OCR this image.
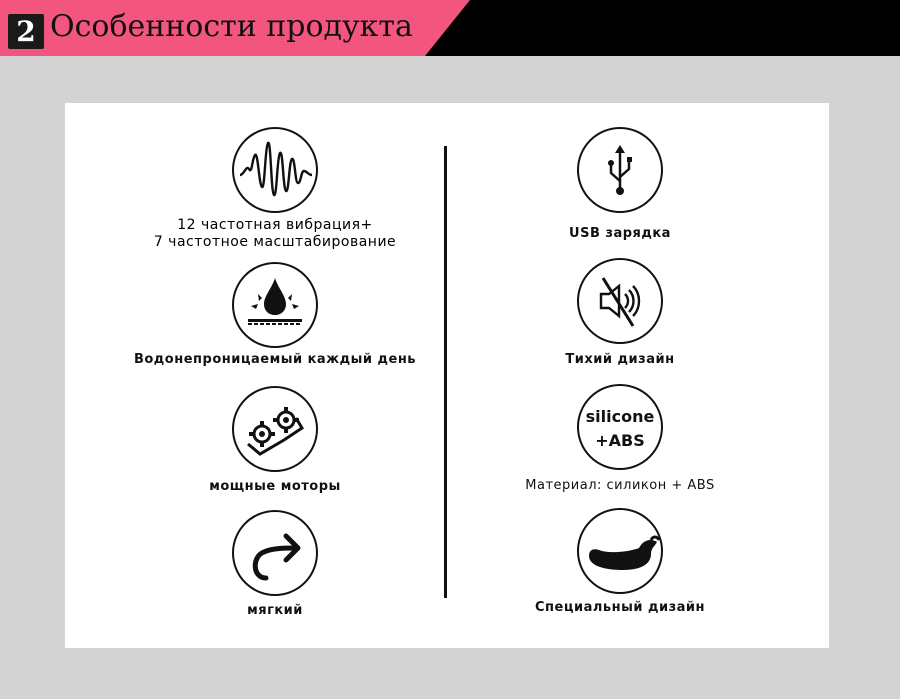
2 Особенности продукта
12 частотная вибрация+
7 частотное масштабирование
Водонепроницаемый каждый день
мощные моторы
мягкий
USB зарядка
Тихий дизайн
silicone
+ABS
Материал: силикон + ABS
Специальный дизайн
